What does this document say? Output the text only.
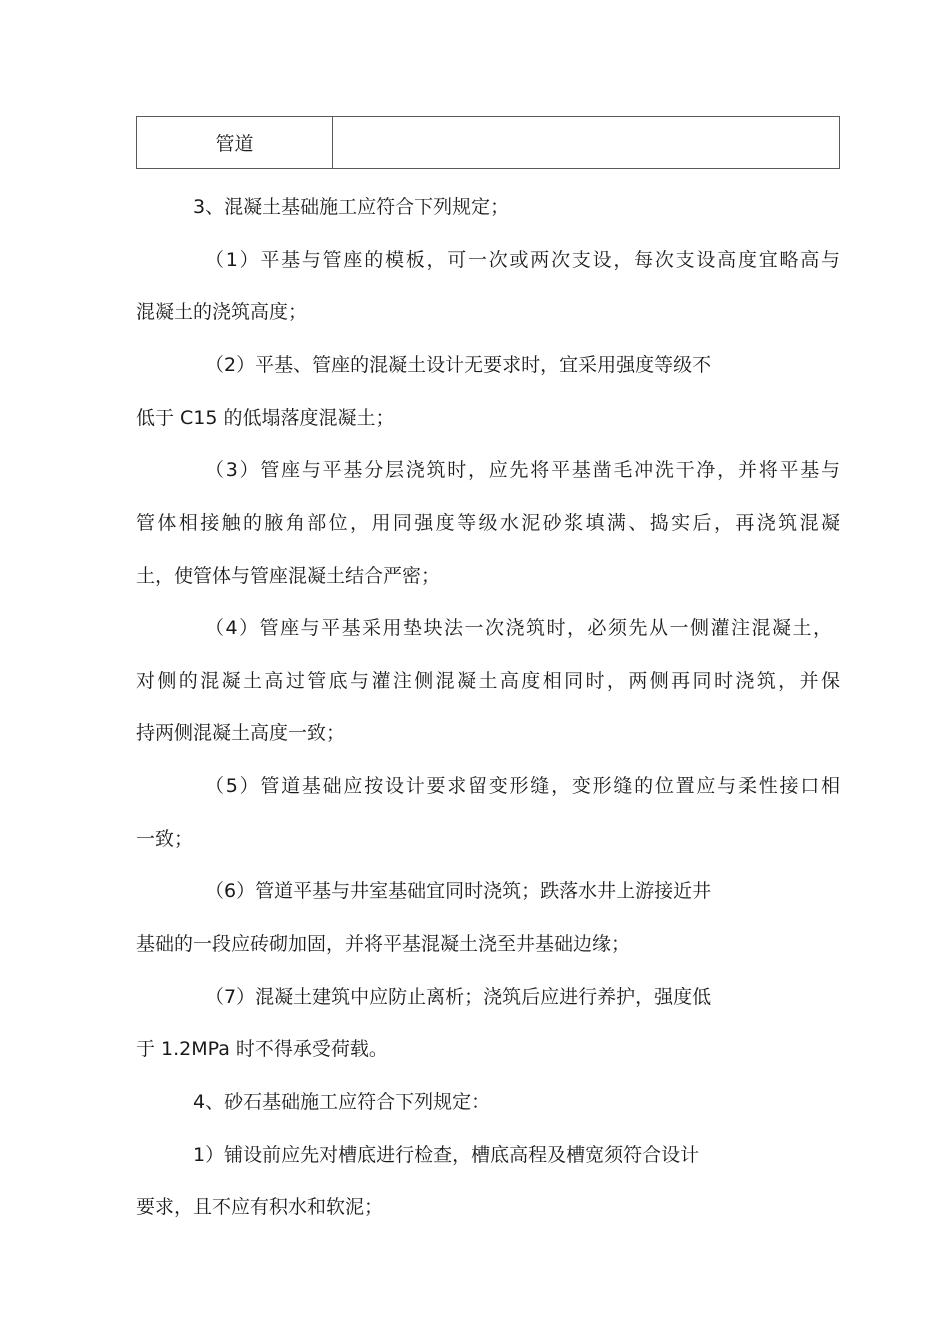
管道
3、混凝土基础施工应符合下列规定；
（1）平基与管座的模板，可一次或两次支设，每次支设高度宜略高与
混凝土的浇筑高度；
（2）平基、管座的混凝土设计无要求时，宜采用强度等级不
低于 C15 的低塌落度混凝土；
（3）管座与平基分层浇筑时，应先将平基凿毛冲洗干净，并将平基与
管体相接触的腋角部位，用同强度等级水泥砂浆填满、捣实后，再浇筑混凝
土，使管体与管座混凝土结合严密；
（4）管座与平基采用垫块法一次浇筑时，必须先从一侧灌注混凝土，
对侧的混凝土高过管底与灌注侧混凝土高度相同时，两侧再同时浇筑，并保
持两侧混凝土高度一致；
（5）管道基础应按设计要求留变形缝，变形缝的位置应与柔性接口相
一致；
（6）管道平基与井室基础宜同时浇筑；跌落水井上游接近井
基础的一段应砖砌加固，并将平基混凝土浇至井基础边缘；
（7）混凝土建筑中应防止离析；浇筑后应进行养护，强度低
于 1.2MPa 时不得承受荷载。
4、砂石基础施工应符合下列规定：
1）铺设前应先对槽底进行检查，槽底高程及槽宽须符合设计
要求，且不应有积水和软泥；
